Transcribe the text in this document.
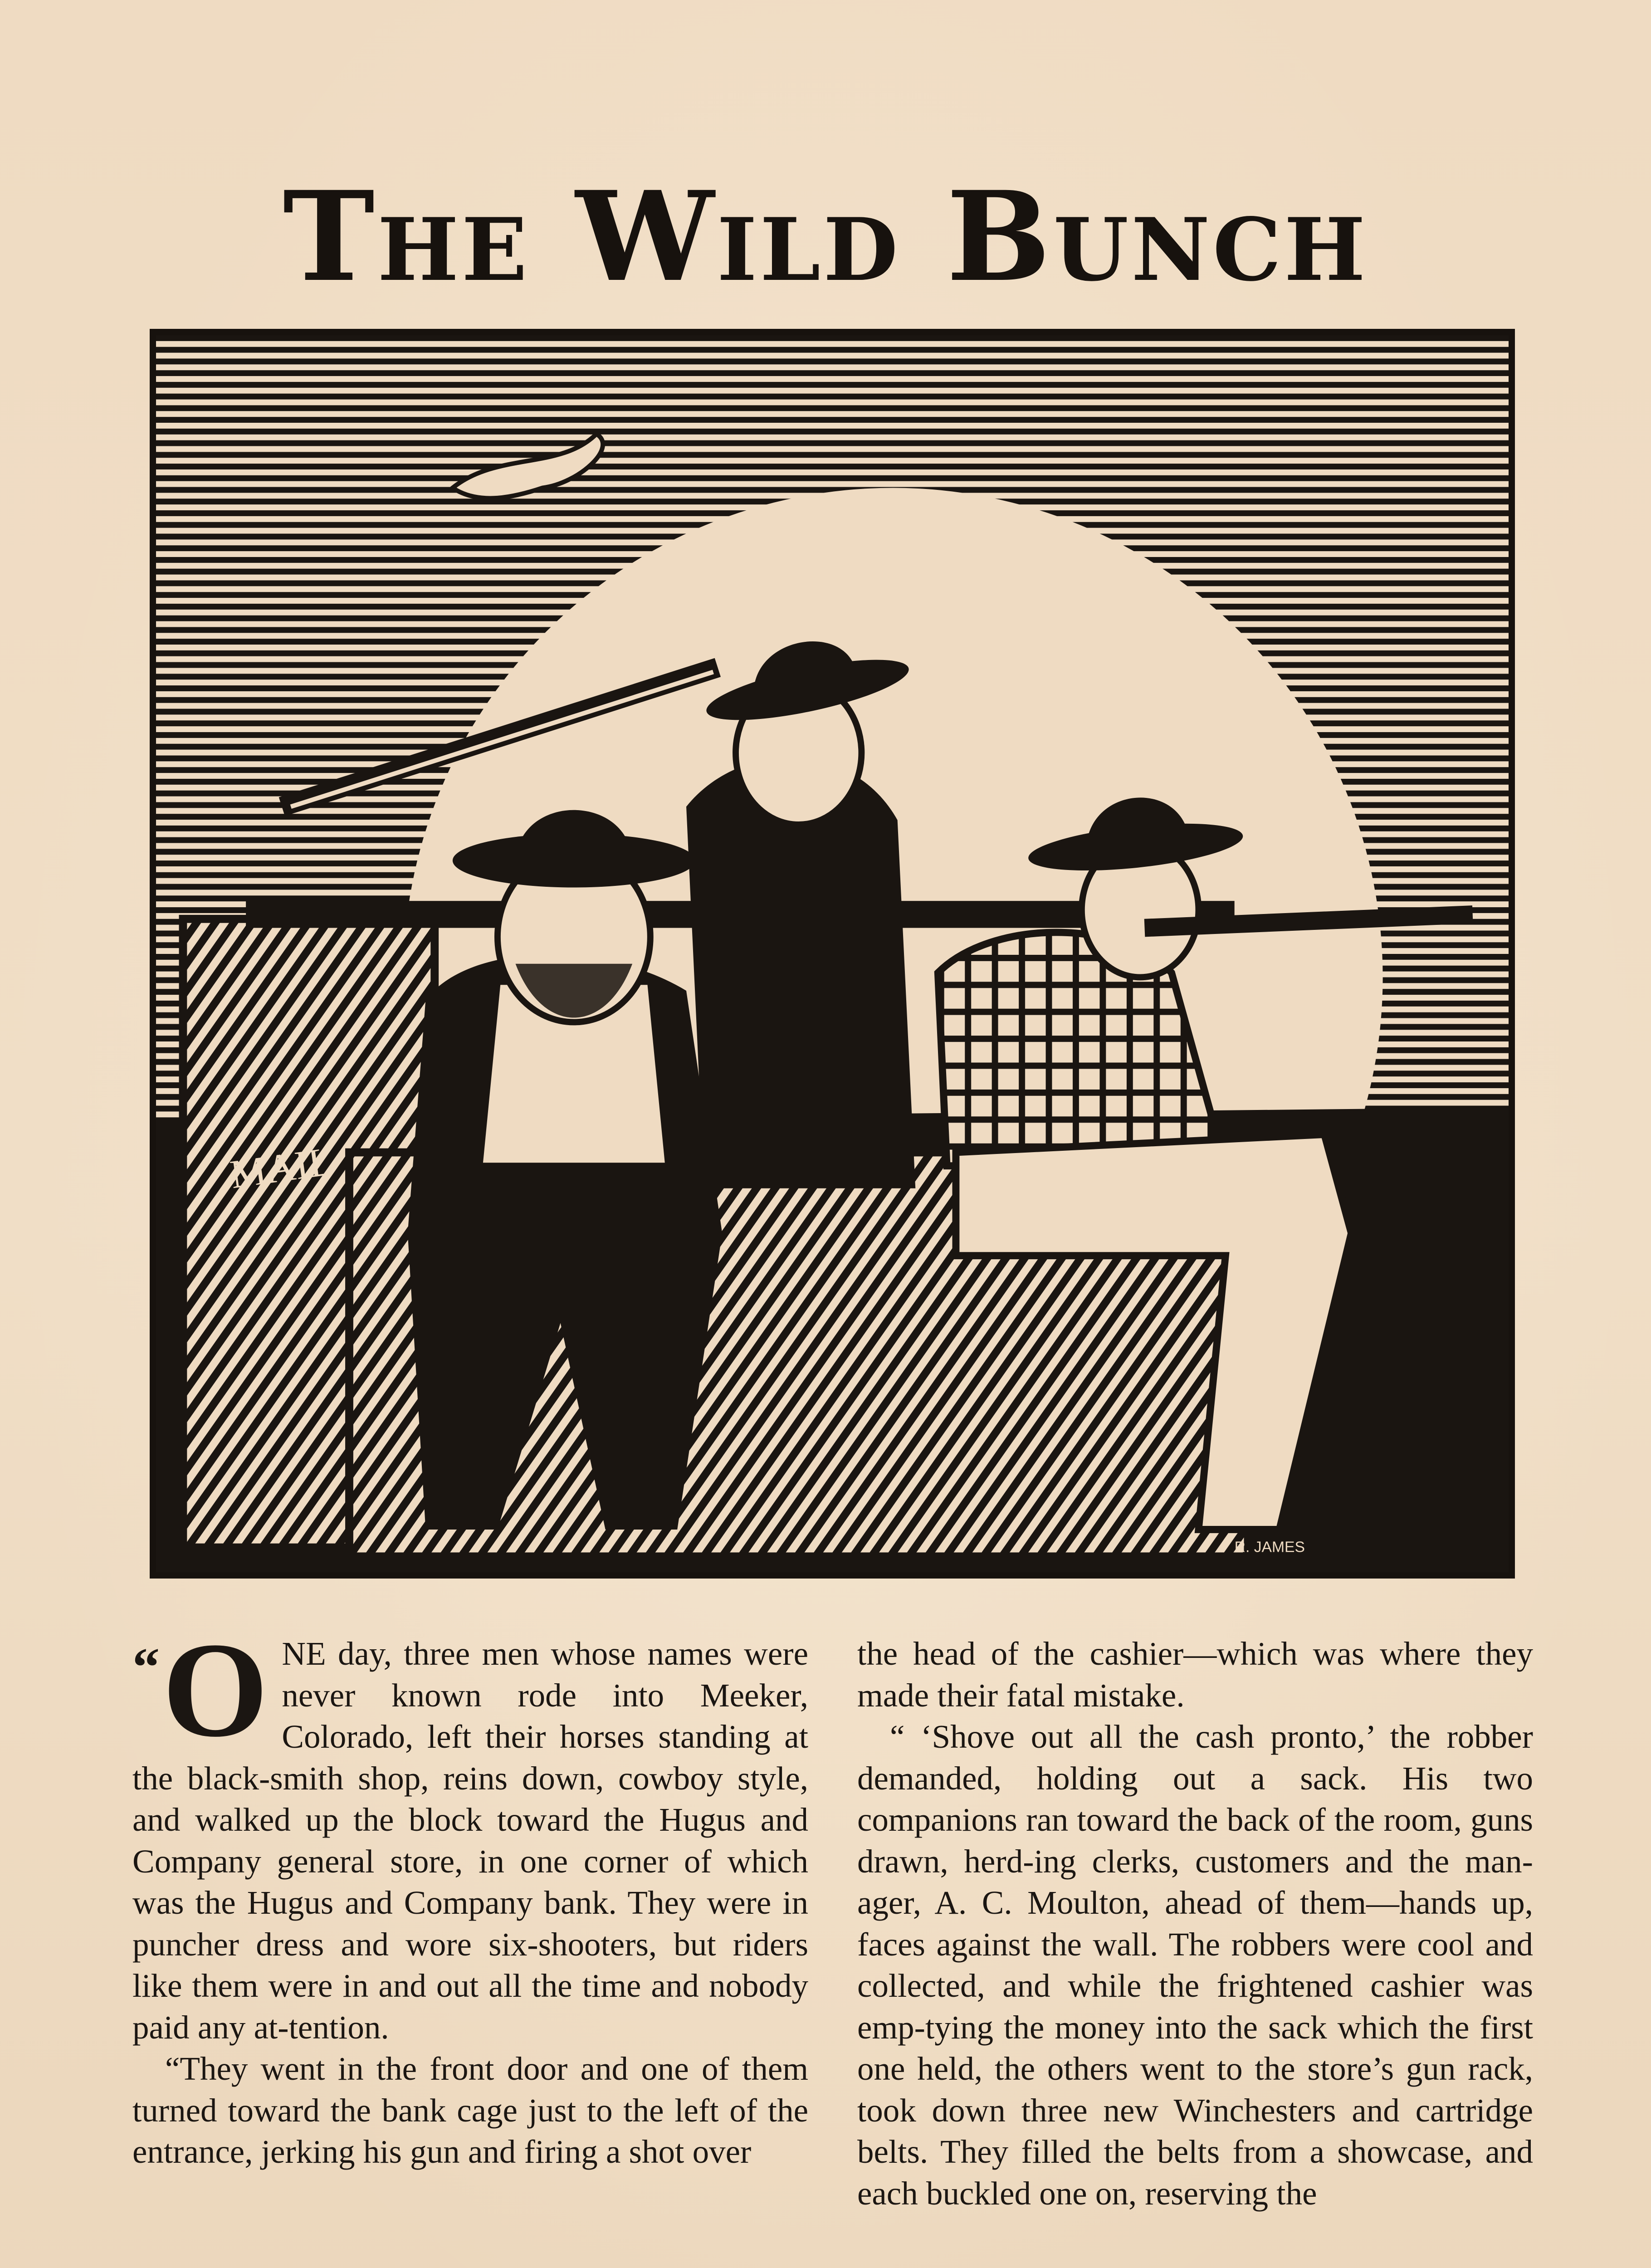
The Wild Bunch
MAIL
R. JAMES

“ O NE day, three men whose names were never known rode into Meeker, Colorado, left their horses standing at the black-smith shop, reins down, cowboy style, and walked up the block toward the Hugus and Company general store, in one corner of which was the Hugus and Company bank. They were in puncher dress and wore six-shooters, but riders like them were in and out all the time and nobody paid any at-tention.

“They went in the front door and one of them turned toward the bank cage just to the left of the entrance, jerking his gun and firing a shot over

the head of the cashier—which was where they made their fatal mistake.

“ ‘Shove out all the cash pronto,’ the robber demanded, holding out a sack. His two companions ran toward the back of the room, guns drawn, herd-ing clerks, customers and the man-ager, A. C. Moulton, ahead of them—hands up, faces against the wall. The robbers were cool and collected, and while the frightened cashier was emp-tying the money into the sack which the first one held, the others went to the store’s gun rack, took down three new Winchesters and cartridge belts. They filled the belts from a showcase, and each buckled one on, reserving the
